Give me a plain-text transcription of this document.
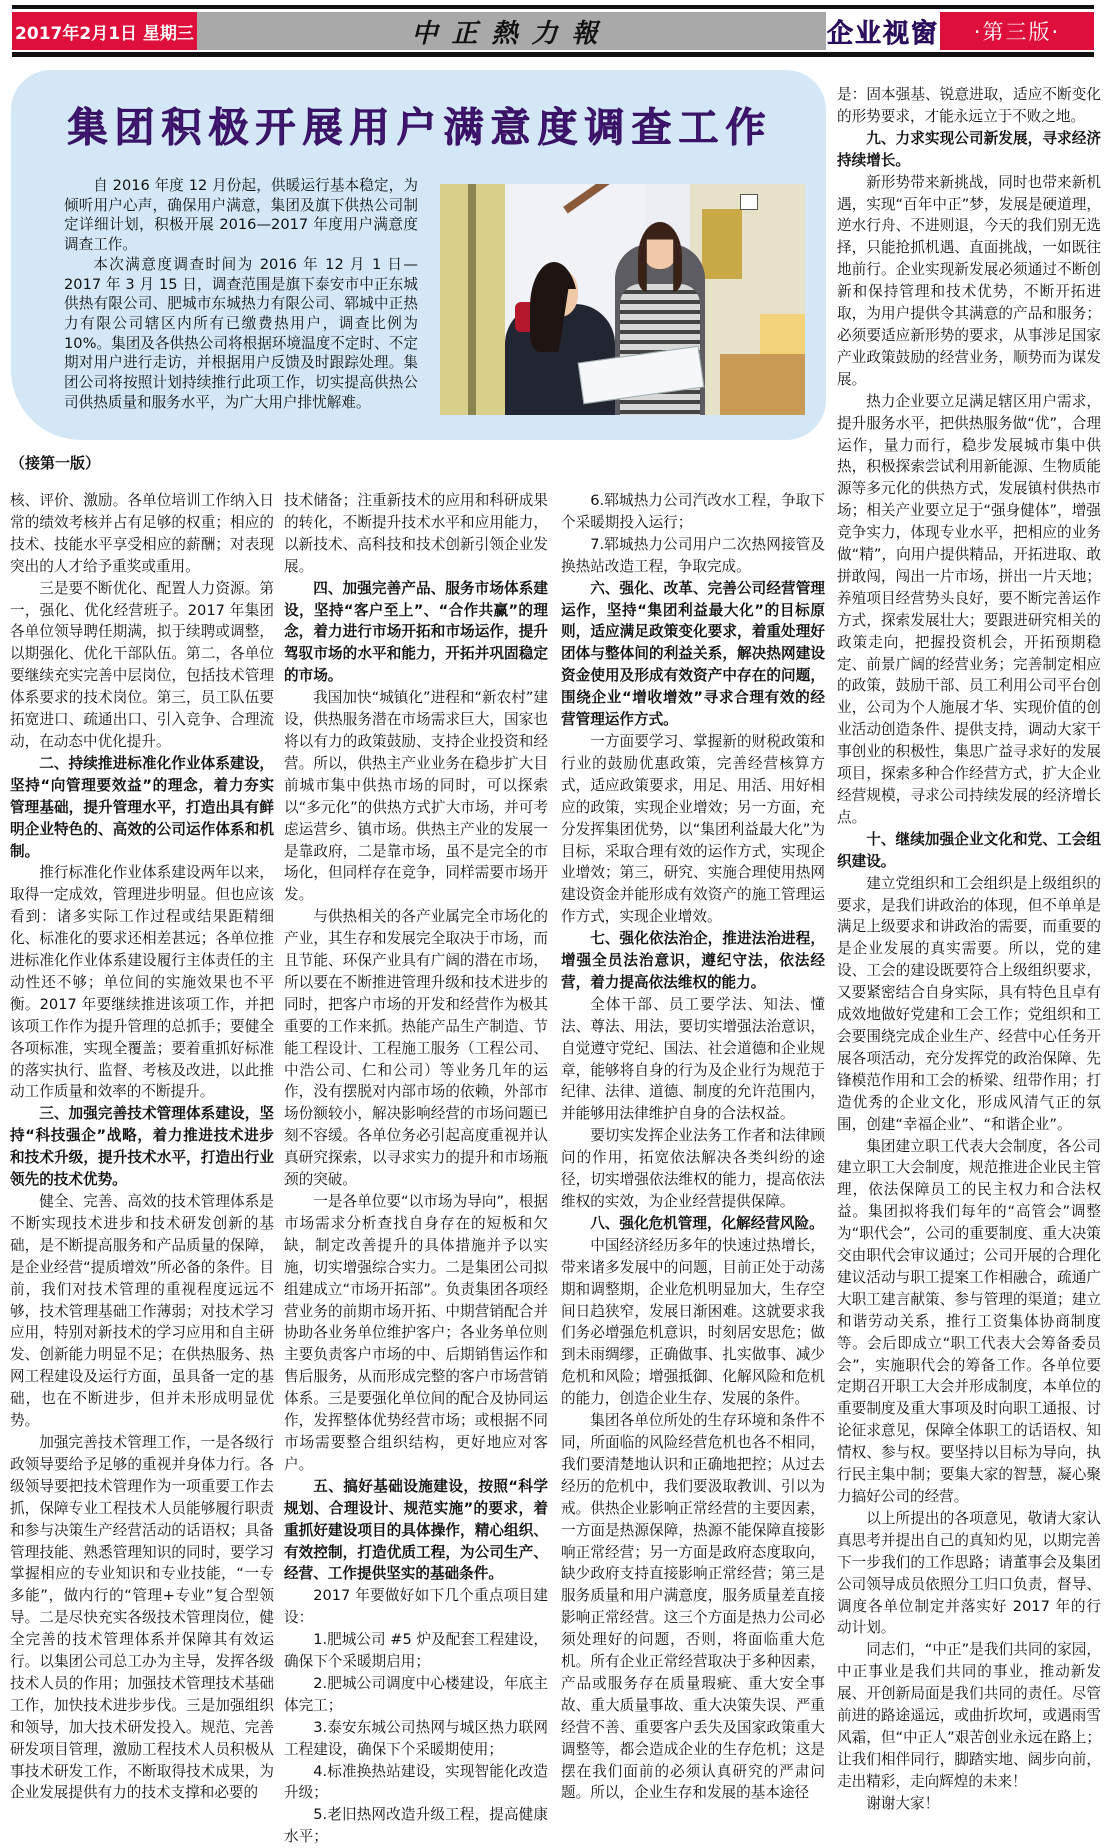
2017年2月1日 星期三	中正熱力報	企业视窗	·第三版·
集团积极开展用户满意度调查工作

自 2016 年度 12 月份起，供暖运行基本稳定，为倾听用户心声，确保用户满意，集团及旗下供热公司制定详细计划，积极开展 2016—2017 年度用户满意度调查工作。

本次满意度调查时间为 2016 年 12 月 1 日—2017 年 3 月 15 日，调查范围是旗下泰安市中正东城供热有限公司、肥城市东城热力有限公司、郓城中正热力有限公司辖区内所有已缴费热用户，调查比例为 10%。集团及各供热公司将根据环境温度不定时、不定期对用户进行走访，并根据用户反馈及时跟踪处理。集团公司将按照计划持续推行此项工作，切实提高供热公司供热质量和服务水平，为广大用户排忧解难。

（接第一版）

核、评价、激励。各单位培训工作纳入日常的绩效考核并占有足够的权重；相应的技术、技能水平享受相应的薪酬；对表现突出的人才给予重奖或重用。

三是要不断优化、配置人力资源。第一，强化、优化经营班子。2017 年集团各单位领导聘任期满，拟于续聘或调整，以期强化、优化干部队伍。第二，各单位要继续充实完善中层岗位，包括技术管理体系要求的技术岗位。第三，员工队伍要拓宽进口、疏通出口、引入竞争、合理流动，在动态中优化提升。

二、持续推进标准化作业体系建设，坚持“向管理要效益”的理念，着力夯实管理基础，提升管理水平，打造出具有鲜明企业特色的、高效的公司运作体系和机制。

推行标准化作业体系建设两年以来，取得一定成效，管理进步明显。但也应该看到：诸多实际工作过程或结果距精细化、标准化的要求还相差甚远；各单位推进标准化作业体系建设履行主体责任的主动性还不够；单位间的实施效果也不平衡。2017 年要继续推进该项工作，并把该项工作作为提升管理的总抓手；要健全各项标准，实现全覆盖；要着重抓好标准的落实执行、监督、考核及改进，以此推动工作质量和效率的不断提升。

三、加强完善技术管理体系建设，坚持“科技强企”战略，着力推进技术进步和技术升级，提升技术水平，打造出行业领先的技术优势。

健全、完善、高效的技术管理体系是不断实现技术进步和技术研发创新的基础，是不断提高服务和产品质量的保障，是企业经营“提质增效”所必备的条件。目前，我们对技术管理的重视程度远远不够，技术管理基础工作薄弱；对技术学习应用，特别对新技术的学习应用和自主研发、创新能力明显不足；在供热服务、热网工程建设及运行方面，虽具备一定的基础，也在不断进步，但并未形成明显优势。

加强完善技术管理工作，一是各级行政领导要给予足够的重视并身体力行。各级领导要把技术管理作为一项重要工作去抓，保障专业工程技术人员能够履行职责和参与决策生产经营活动的话语权；具备管理技能、熟悉管理知识的同时，要学习掌握相应的专业知识和专业技能，“一专多能”，做内行的“管理+专业”复合型领导。二是尽快充实各级技术管理岗位，健全完善的技术管理体系并保障其有效运行。以集团公司总工办为主导，发挥各级技术人员的作用；加强技术管理技术基础工作，加快技术进步步伐。三是加强组织和领导，加大技术研发投入。规范、完善研发项目管理，激励工程技术人员积极从事技术研发工作，不断取得技术成果，为企业发展提供有力的技术支撑和必要的

技术储备；注重新技术的应用和科研成果的转化，不断提升技术水平和应用能力，以新技术、高科技和技术创新引领企业发展。

四、加强完善产品、服务市场体系建设，坚持“客户至上”、“合作共赢”的理念，着力进行市场开拓和市场运作，提升驾驭市场的水平和能力，开拓并巩固稳定的市场。

我国加快“城镇化”进程和“新农村”建设，供热服务潜在市场需求巨大，国家也将以有力的政策鼓励、支持企业投资和经营。所以，供热主产业业务在稳步扩大目前城市集中供热市场的同时，可以探索以“多元化”的供热方式扩大市场，并可考虑运营乡、镇市场。供热主产业的发展一是靠政府，二是靠市场，虽不是完全的市场化，但同样存在竞争，同样需要市场开发。

与供热相关的各产业属完全市场化的产业，其生存和发展完全取决于市场，而且节能、环保产业具有广阔的潜在市场，所以要在不断推进管理升级和技术进步的同时，把客户市场的开发和经营作为极其重要的工作来抓。热能产品生产制造、节能工程设计、工程施工服务（工程公司、中浩公司、仁和公司）等业务几年的运作，没有摆脱对内部市场的依赖，外部市场份额较小，解决影响经营的市场问题已刻不容缓。各单位务必引起高度重视并认真研究探索，以寻求实力的提升和市场瓶颈的突破。

一是各单位要“以市场为导向”，根据市场需求分析查找自身存在的短板和欠缺，制定改善提升的具体措施并予以实施，切实增强综合实力。二是集团公司拟组建成立“市场开拓部”。负责集团各项经营业务的前期市场开拓、中期营销配合并协助各业务单位维护客户；各业务单位则主要负责客户市场的中、后期销售运作和售后服务，从而形成完整的客户市场营销体系。三是要强化单位间的配合及协同运作，发挥整体优势经营市场；或根据不同市场需要整合组织结构，更好地应对客户。

五、搞好基础设施建设，按照“科学规划、合理设计、规范实施”的要求，着重抓好建设项目的具体操作，精心组织、有效控制，打造优质工程，为公司生产、经营、工作提供坚实的基础条件。

2017 年要做好如下几个重点项目建设：

1.肥城公司 #5 炉及配套工程建设，确保下个采暖期启用；

2.肥城公司调度中心楼建设，年底主体完工；

3.泰安东城公司热网与城区热力联网工程建设，确保下个采暖期使用；

4.标准换热站建设，实现智能化改造升级；

5.老旧热网改造升级工程，提高健康水平；

6.郓城热力公司汽改水工程，争取下个采暖期投入运行；

7.郓城热力公司用户二次热网接管及换热站改造工程，争取完成。

六、强化、改革、完善公司经营管理运作，坚持“集团利益最大化”的目标原则，适应满足政策变化要求，着重处理好团体与整体间的利益关系，解决热网建设资金使用及形成有效资产中存在的问题，围绕企业“增收增效”寻求合理有效的经营管理运作方式。

一方面要学习、掌握新的财税政策和行业的鼓励优惠政策，完善经营核算方式，适应政策要求，用足、用活、用好相应的政策，实现企业增效；另一方面，充分发挥集团优势，以“集团利益最大化”为目标，采取合理有效的运作方式，实现企业增效；第三，研究、实施合理使用热网建设资金并能形成有效资产的施工管理运作方式，实现企业增效。

七、强化依法治企，推进法治进程，增强全员法治意识，遵纪守法，依法经营，着力提高依法维权的能力。

全体干部、员工要学法、知法、懂法、尊法、用法，要切实增强法治意识，自觉遵守党纪、国法、社会道德和企业规章，能够将自身的行为及企业行为规范于纪律、法律、道德、制度的允许范围内，并能够用法律维护自身的合法权益。

要切实发挥企业法务工作者和法律顾问的作用，拓宽依法解决各类纠纷的途径，切实增强依法维权的能力，提高依法维权的实效，为企业经营提供保障。

八、强化危机管理，化解经营风险。

中国经济经历多年的快速过热增长，带来诸多发展中的问题，目前正处于动荡期和调整期，企业危机明显加大，生存空间日趋狭窄，发展日渐困难。这就要求我们务必增强危机意识，时刻居安思危；做到未雨绸缪，正确做事、扎实做事、减少危机和风险；增强抵御、化解风险和危机的能力，创造企业生存、发展的条件。

集团各单位所处的生存环境和条件不同，所面临的风险经营危机也各不相同，我们要清楚地认识和正确地把控；从过去经历的危机中，我们要汲取教训、引以为戒。供热企业影响正常经营的主要因素，一方面是热源保障，热源不能保障直接影响正常经营；另一方面是政府态度取向，缺少政府支持直接影响正常经营；第三是服务质量和用户满意度，服务质量差直接影响正常经营。这三个方面是热力公司必须处理好的问题，否则，将面临重大危机。所有企业正常经营取决于多种因素，产品或服务存在质量瑕疵、重大安全事故、重大质量事故、重大决策失误、严重经营不善、重要客户丢失及国家政策重大调整等，都会造成企业的生存危机；这是摆在我们面前的必须认真研究的严肃问题。所以，企业生存和发展的基本途径

是：固本强基、锐意进取，适应不断变化的形势要求，才能永远立于不败之地。

九、力求实现公司新发展，寻求经济持续增长。

新形势带来新挑战，同时也带来新机遇，实现“百年中正”梦，发展是硬道理，逆水行舟、不进则退，今天的我们别无选择，只能抢抓机遇、直面挑战，一如既往地前行。企业实现新发展必须通过不断创新和保持管理和技术优势，不断开拓进取，为用户提供令其满意的产品和服务；必须要适应新形势的要求，从事涉足国家产业政策鼓励的经营业务，顺势而为谋发展。

热力企业要立足满足辖区用户需求，提升服务水平，把供热服务做“优”，合理运作，量力而行，稳步发展城市集中供热，积极探索尝试利用新能源、生物质能源等多元化的供热方式，发展镇村供热市场；相关产业要立足于“强身健体”，增强竞争实力，体现专业水平，把相应的业务做“精”，向用户提供精品，开拓进取、敢拼敢闯，闯出一片市场，拼出一片天地；养殖项目经营势头良好，要不断完善运作方式，探索发展壮大；要跟进研究相关的政策走向，把握投资机会，开拓预期稳定、前景广阔的经营业务；完善制定相应的政策，鼓励干部、员工利用公司平台创业，公司为个人施展才华、实现价值的创业活动创造条件、提供支持，调动大家干事创业的积极性，集思广益寻求好的发展项目，探索多种合作经营方式，扩大企业经营规模，寻求公司持续发展的经济增长点。

十、继续加强企业文化和党、工会组织建设。

建立党组织和工会组织是上级组织的要求，是我们讲政治的体现，但不单单是满足上级要求和讲政治的需要，而重要的是企业发展的真实需要。所以，党的建设、工会的建设既要符合上级组织要求，又要紧密结合自身实际，具有特色且卓有成效地做好党建和工会工作；党组织和工会要围绕完成企业生产、经营中心任务开展各项活动，充分发挥党的政治保障、先锋模范作用和工会的桥梁、纽带作用；打造优秀的企业文化，形成风清气正的氛围，创建“幸福企业”、“和谐企业”。

集团建立职工代表大会制度，各公司建立职工大会制度，规范推进企业民主管理，依法保障员工的民主权力和合法权益。集团拟将我们每年的“高管会”调整为“职代会”，公司的重要制度、重大决策交由职代会审议通过；公司开展的合理化建议活动与职工提案工作相融合，疏通广大职工建言献策、参与管理的渠道；建立和谐劳动关系，推行工资集体协商制度等。会后即成立“职工代表大会筹备委员会”，实施职代会的筹备工作。各单位要定期召开职工大会并形成制度，本单位的重要制度及重大事项及时向职工通报、讨论征求意见，保障全体职工的话语权、知情权、参与权。要坚持以目标为导向，执行民主集中制；要集大家的智慧，凝心聚力搞好公司的经营。

以上所提出的各项意见，敬请大家认真思考并提出自己的真知灼见，以期完善下一步我们的工作思路；请董事会及集团公司领导成员依照分工归口负责，督导、调度各单位制定并落实好 2017 年的行动计划。

同志们，“中正”是我们共同的家园，中正事业是我们共同的事业，推动新发展、开创新局面是我们共同的责任。尽管前进的路途遥远，或曲折坎坷，或遇雨雪风霜，但“中正人”艰苦创业永远在路上；让我们相伴同行，脚踏实地、阔步向前，走出精彩，走向辉煌的未来！

谢谢大家！
